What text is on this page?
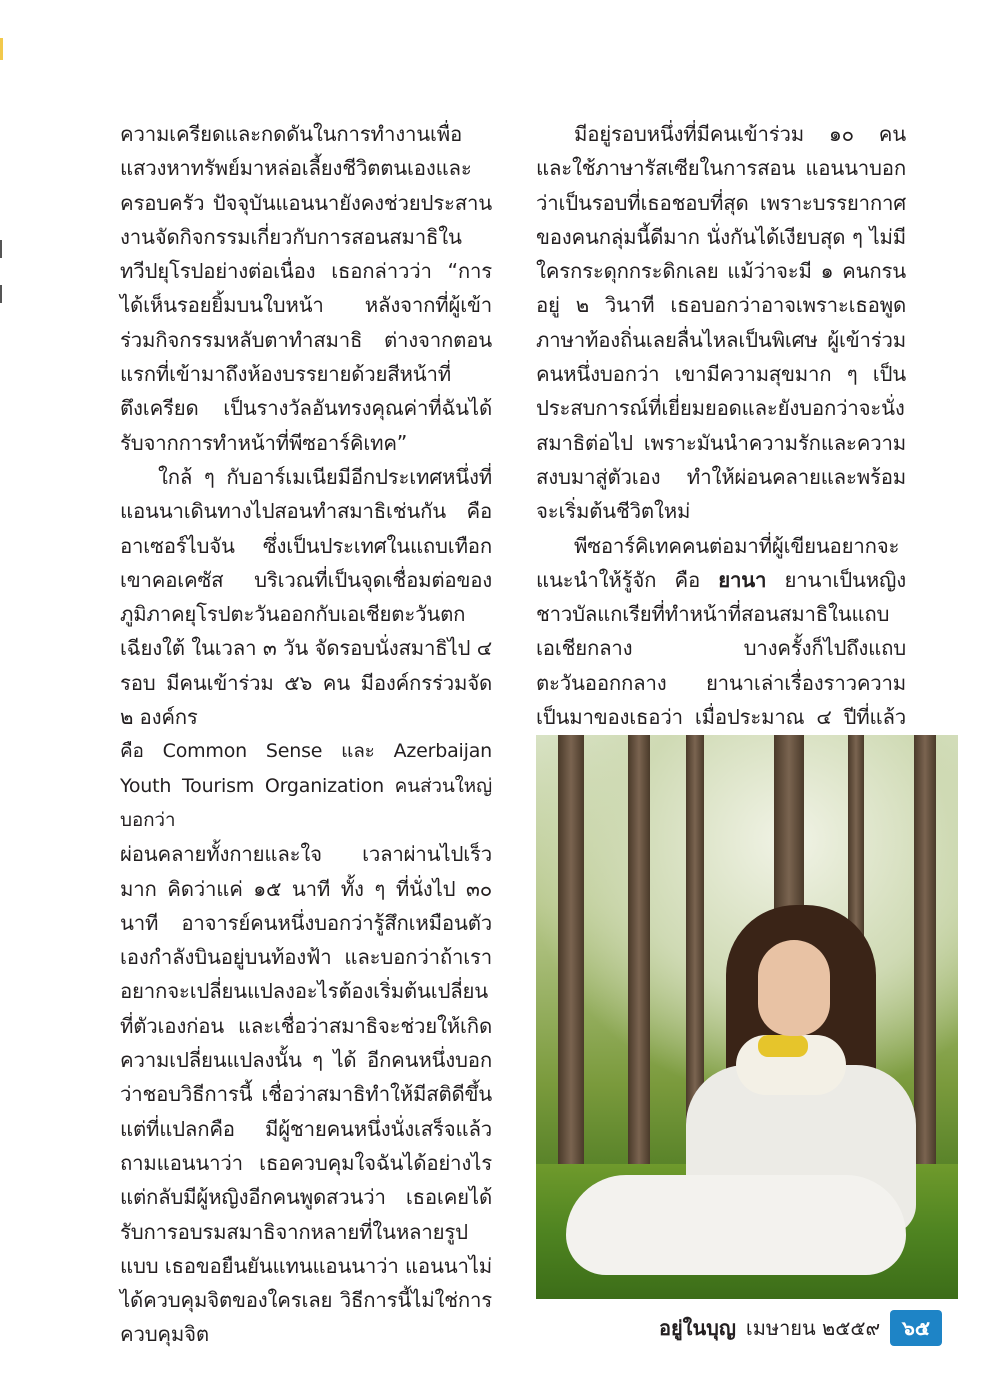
ความเครียดและกดดันในการทำงานเพื่อแสวงหาทรัพย์มาหล่อเลี้ยงชีวิตตนเองและครอบครัว ปัจจุบันแอนนายังคงช่วยประสานงานจัดกิจกรรมเกี่ยวกับการสอนสมาธิในทวีปยุโรปอย่างต่อเนื่อง เธอกล่าวว่า “การได้เห็นรอยยิ้มบนใบหน้า หลังจากที่ผู้เข้าร่วมกิจกรรมหลับตาทำสมาธิ ต่างจากตอนแรกที่เข้ามาถึงห้องบรรยายด้วยสีหน้าที่ตึงเครียด เป็นรางวัลอันทรงคุณค่าที่ฉันได้รับจากการทำหน้าที่พีซอาร์คิเทค”

ใกล้ ๆ กับอาร์เมเนียมีอีกประเทศหนึ่งที่แอนนาเดินทางไปสอนทำสมาธิเช่นกัน คือ อาเซอร์ไบจัน ซึ่งเป็นประเทศในแถบเทือกเขาคอเคซัส บริเวณที่เป็นจุดเชื่อมต่อของภูมิภาคยุโรปตะวันออกกับเอเชียตะวันตกเฉียงใต้ ในเวลา ๓ วัน จัดรอบนั่งสมาธิไป ๔ รอบ มีคนเข้าร่วม ๕๖ คน มีองค์กรร่วมจัด ๒ องค์กร

คือ Common Sense และ Azerbaijan Youth Tourism Organization คนส่วนใหญ่บอกว่า

ผ่อนคลายทั้งกายและใจ เวลาผ่านไปเร็วมาก คิดว่าแค่ ๑๕ นาที ทั้ง ๆ ที่นั่งไป ๓๐ นาที อาจารย์คนหนึ่งบอกว่ารู้สึกเหมือนตัวเองกำลังบินอยู่บนท้องฟ้า และบอกว่าถ้าเราอยากจะเปลี่ยนแปลงอะไรต้องเริ่มต้นเปลี่ยนที่ตัวเองก่อน และเชื่อว่าสมาธิจะช่วยให้เกิดความเปลี่ยนแปลงนั้น ๆ ได้ อีกคนหนึ่งบอกว่าชอบวิธีการนี้ เชื่อว่าสมาธิทำให้มีสติดีขึ้น แต่ที่แปลกคือ มีผู้ชายคนหนึ่งนั่งเสร็จแล้วถามแอนนาว่า เธอควบคุมใจฉันได้อย่างไร แต่กลับมีผู้หญิงอีกคนพูดสวนว่า เธอเคยได้รับการอบรมสมาธิจากหลายที่ในหลายรูปแบบ เธอขอยืนยันแทนแอนนาว่า แอนนาไม่ได้ควบคุมจิตของใครเลย วิธีการนี้ไม่ใช่การควบคุมจิต

มีอยู่รอบหนึ่งที่มีคนเข้าร่วม ๑๐ คน และใช้ภาษารัสเซียในการสอน แอนนาบอกว่าเป็นรอบที่เธอชอบที่สุด เพราะบรรยากาศของคนกลุ่มนี้ดีมาก นั่งกันได้เงียบสุด ๆ ไม่มีใครกระดุกกระดิกเลย แม้ว่าจะมี ๑ คนกรนอยู่ ๒ วินาที เธอบอกว่าอาจเพราะเธอพูดภาษาท้องถิ่นเลยลื่นไหลเป็นพิเศษ ผู้เข้าร่วมคนหนึ่งบอกว่า เขามีความสุขมาก ๆ เป็นประสบการณ์ที่เยี่ยมยอดและยังบอกว่าจะนั่งสมาธิต่อไป เพราะมันนำความรักและความสงบมาสู่ตัวเอง ทำให้ผ่อนคลายและพร้อมจะเริ่มต้นชีวิตใหม่

พีซอาร์คิเทคคนต่อมาที่ผู้เขียนอยากจะแนะนำให้รู้จัก คือ ยานา ยานาเป็นหญิงชาวบัลแกเรียที่ทำหน้าที่สอนสมาธิในแถบเอเชียกลาง บางครั้งก็ไปถึงแถบตะวันออกกลาง ยานาเล่าเรื่องราวความเป็นมาของเธอว่า เมื่อประมาณ ๔ ปีที่แล้ว

อยู่ในบุญ เมษายน ๒๕๕๙	๖๕
